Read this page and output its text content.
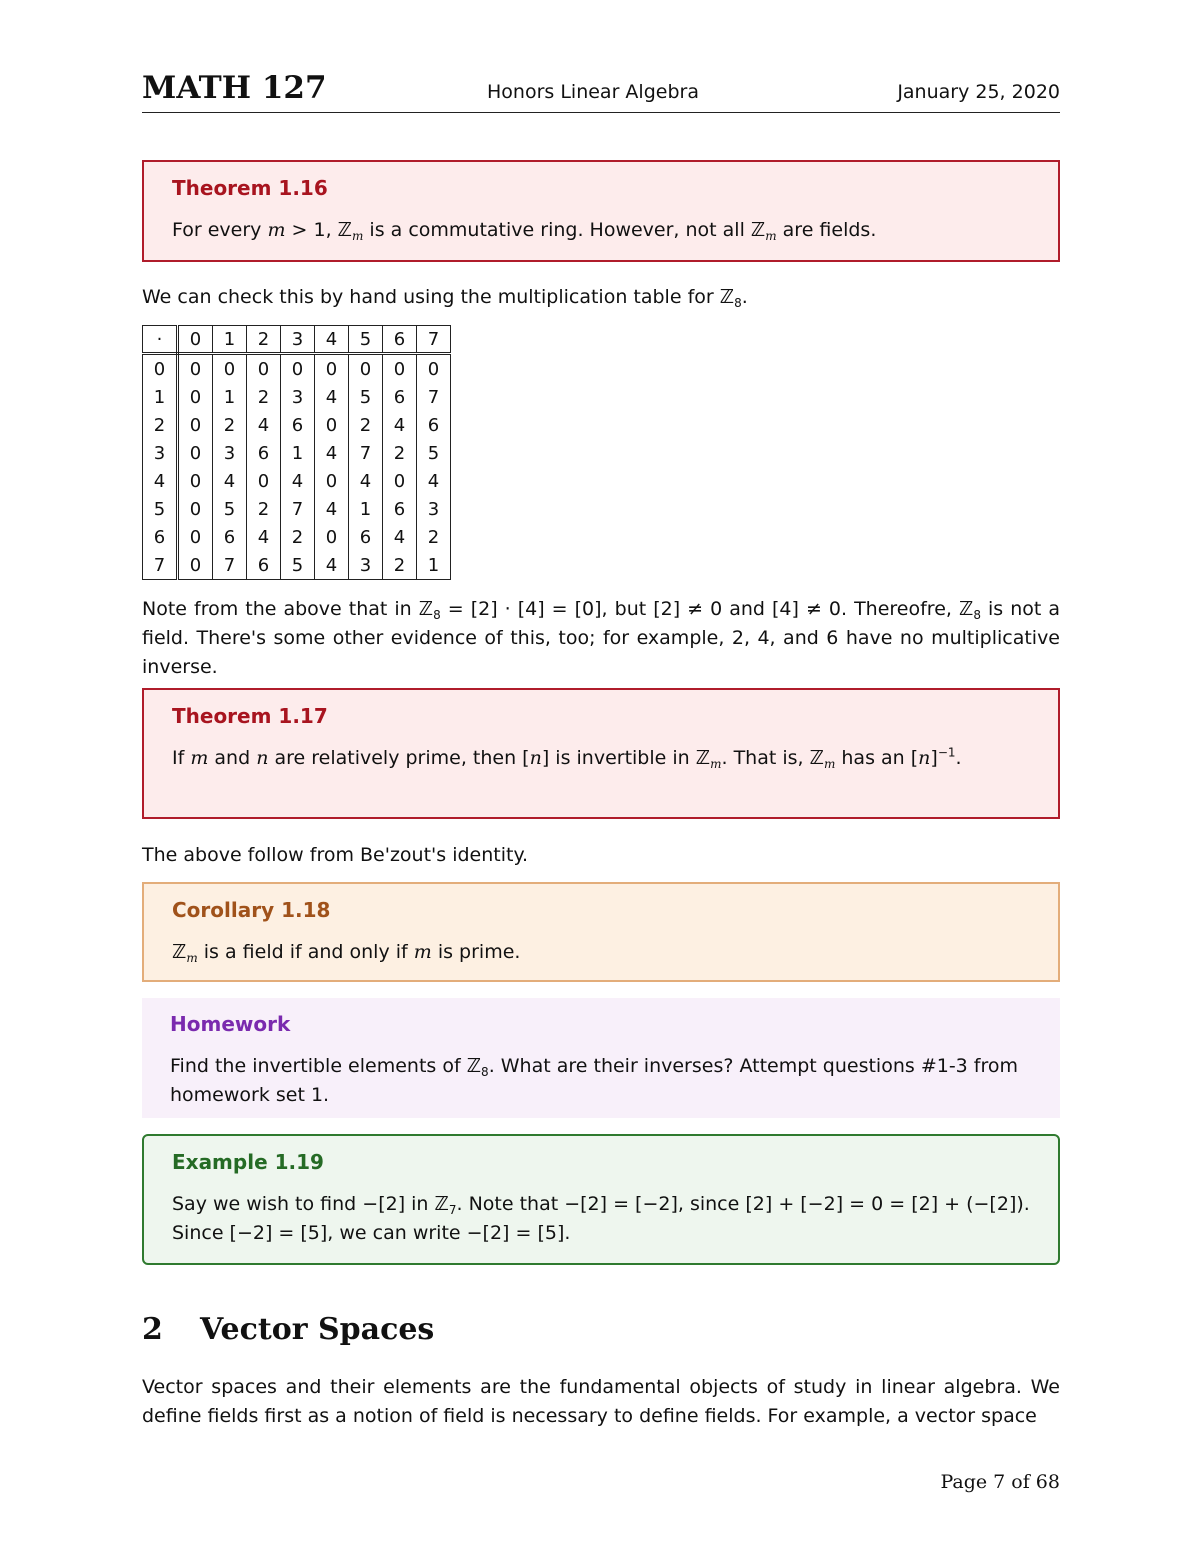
MATH 127	Honors Linear Algebra	January 25, 2020
Theorem 1.16
For every m > 1, ℤ$_m$ is a commutative ring. However, not all ℤ$_m$ are fields.
We can check this by hand using the multiplication table for ℤ$_8$.
·	0	1	2	3	4	5	6	7
0	0	0	0	0	0	0	0	0
1	0	1	2	3	4	5	6	7
2	0	2	4	6	0	2	4	6
3	0	3	6	1	4	7	2	5
4	0	4	0	4	0	4	0	4
5	0	5	2	7	4	1	6	3
6	0	6	4	2	0	6	4	2
7	0	7	6	5	4	3	2	1
Note from the above that in ℤ$_8$ = [2] · [4] = [0], but [2] ≠ 0 and [4] ≠ 0. Thereofre, ℤ$_8$ is not a field. There's some other evidence of this, too; for example, 2, 4, and 6 have no multiplicative inverse.
Theorem 1.17
If m and n are relatively prime, then [n] is invertible in ℤ$_m$. That is, ℤ$_m$ has an $[n]^{-1}$.
The above follow from Be'zout's identity.
Corollary 1.18
ℤ$_m$ is a field if and only if m is prime.
Homework
Find the invertible elements of ℤ$_8$. What are their inverses? Attempt questions #1-3 from homework set 1.
Example 1.19
Say we wish to find −[2] in ℤ$_7$. Note that −[2] = [−2], since [2] + [−2] = 0 = [2] + (−[2]). Since [−2] = [5], we can write −[2] = [5].
2 Vector Spaces
Vector spaces and their elements are the fundamental objects of study in linear algebra. We define fields first as a notion of field is necessary to define fields. For example, a vector space
Page 7 of 68
